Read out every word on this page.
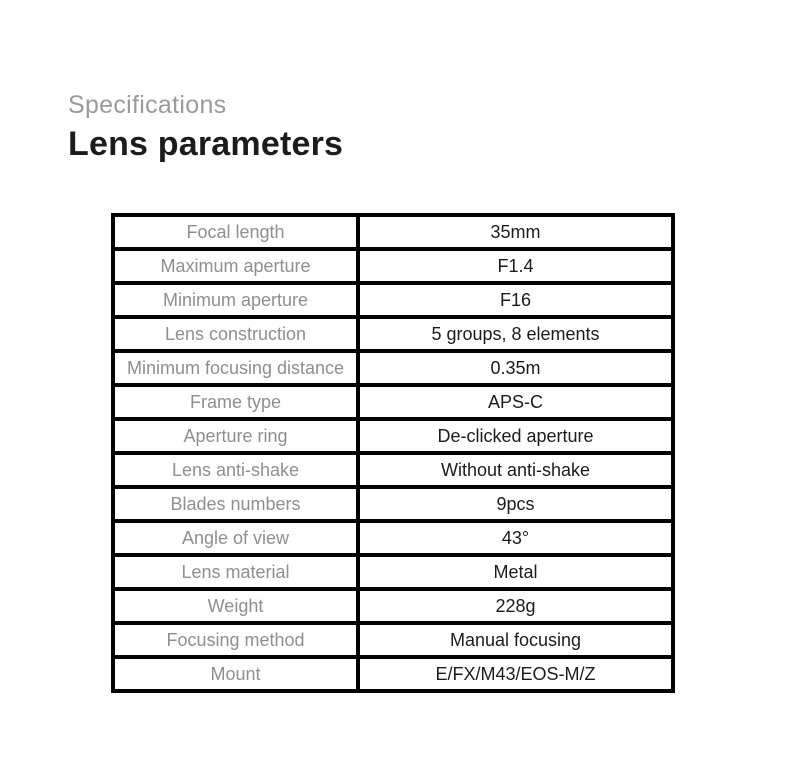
Specifications
Lens parameters
Focal length	35mm
Maximum aperture	F1.4
Minimum aperture	F16
Lens construction	5 groups, 8 elements
Minimum focusing distance	0.35m
Frame type	APS-C
Aperture ring	De-clicked aperture
Lens anti-shake	Without anti-shake
Blades numbers	9pcs
Angle of view	43°
Lens material	Metal
Weight	228g
Focusing method	Manual focusing
Mount	E/FX/M43/EOS-M/Z
